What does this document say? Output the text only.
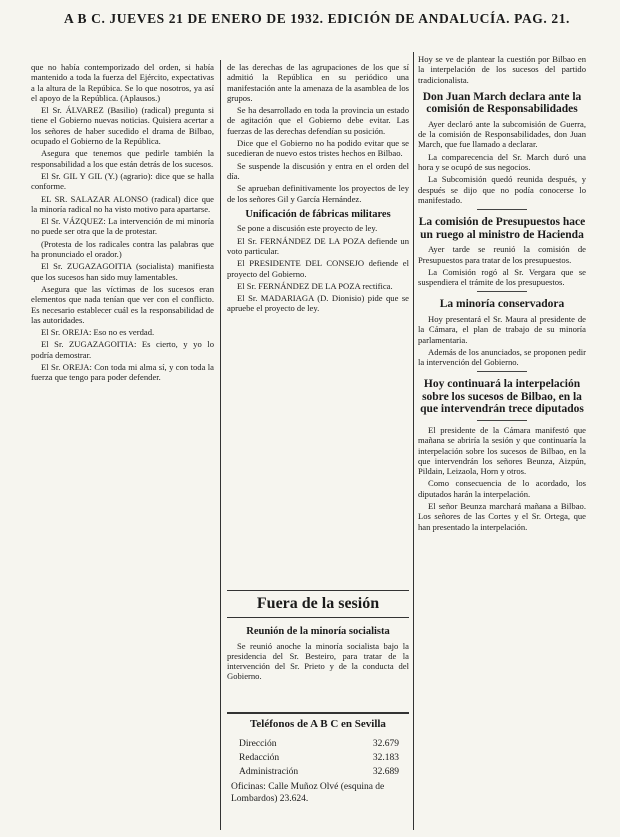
A B C. JUEVES 21 DE ENERO DE 1932. EDICIÓN DE ANDALUCÍA. PAG. 21.

que no había contemporizado del orden, si había mantenido a toda la fuerza del Ejército, expectativas a la altura de la Repúbica. Se lo que nosotros, ya así el apoyo de la República. (Aplausos.)

El Sr. ÁLVAREZ (Basilio) (radical) pregunta si tiene el Gobierno nuevas noticias. Quisiera acertar a los señores de haber sucedido el drama de Bilbao, ocupado el Gobierno de la República.

Asegura que tenemos que pedirle también la responsabilidad a los que están detrás de los sucesos.

El Sr. GIL Y GIL (Y.) (agrario): dice que se halla conforme.

EL SR. SALAZAR ALONSO (radical) dice que la minoría radical no ha visto motivo para apartarse.

El Sr. VÁZQUEZ: La intervención de mi minoría no puede ser otra que la de protestar.

(Protesta de los radicales contra las palabras que ha pronunciado el orador.)

El Sr. ZUGAZAGOITIA (socialista) manifiesta que los sucesos han sido muy lamentables.

Asegura que las víctimas de los sucesos eran elementos que nada tenían que ver con el conflicto. Es necesario establecer cuál es la responsabilidad de las autoridades.

El Sr. OREJA: Eso no es verdad.

El Sr. ZUGAZAGOITIA: Es cierto, y yo lo podría demostrar.

El Sr. OREJA: Con toda mi alma sí, y con toda la fuerza que tengo para poder defender.

de las derechas de las agrupaciones de los que sí admitió la República en su periódico una manifestación ante la amenaza de la asamblea de los grupos.

Se ha desarrollado en toda la provincia un estado de agitación que el Gobierno debe evitar. Las fuerzas de las derechas defendían su posición.

Dice que el Gobierno no ha podido evitar que se sucedieran de nuevo estos tristes hechos en Bilbao.

Se suspende la discusión y entra en el orden del día.

Se aprueban definitivamente los proyectos de ley de los señores Gil y García Hernández.

Unificación de fábricas militares

Se pone a discusión este proyecto de ley.

El Sr. FERNÁNDEZ DE LA POZA defiende un voto particular.

El PRESIDENTE DEL CONSEJO defiende el proyecto del Gobierno.

El Sr. FERNÁNDEZ DE LA POZA rectifica.

El Sr. MADARIAGA (D. Dionisio) pide que se apruebe el proyecto de ley.

Fuera de la sesión
Reunión de la minoría socialista

Se reunió anoche la minoría socialista bajo la presidencia del Sr. Besteiro, para tratar de la intervención del Sr. Prieto y de la conducta del Gobierno.

Teléfonos de A B C en Sevilla
Dirección	32.679
Redacción	32.183
Administración	32.689
Oficinas: Calle Muñoz Olvé (esquina de Lombardos) 23.624.

Hoy se ve de plantear la cuestión por Bilbao en la interpelación de los sucesos del partido tradicionalista.

Don Juan March declara ante la comisión de Responsabilidades

Ayer declaró ante la subcomisión de Guerra, de la comisión de Responsabilidades, don Juan March, que fue llamado a declarar.

La comparecencia del Sr. March duró una hora y se ocupó de sus negocios.

La Subcomisión quedó reunida después, y después se dijo que no podía conocerse lo manifestado.

La comisión de Presupuestos hace un ruego al ministro de Hacienda

Ayer tarde se reunió la comisión de Presupuestos para tratar de los presupuestos.

La Comisión rogó al Sr. Vergara que se suspendiera el trámite de los presupuestos.

La minoría conservadora

Hoy presentará el Sr. Maura al presidente de la Cámara, el plan de trabajo de su minoría parlamentaria.

Además de los anunciados, se proponen pedir la intervención del Gobierno.

Hoy continuará la interpelación sobre los sucesos de Bilbao, en la que intervendrán trece diputados

El presidente de la Cámara manifestó que mañana se abriría la sesión y que continuaría la interpelación sobre los sucesos de Bilbao, en la que intervendrán los señores Beunza, Aizpún, Pildain, Leizaola, Horn y otros.

Como consecuencia de lo acordado, los diputados harán la interpelación.

El señor Beunza marchará mañana a Bilbao. Los señores de las Cortes y el Sr. Ortega, que han presentado la interpelación.
